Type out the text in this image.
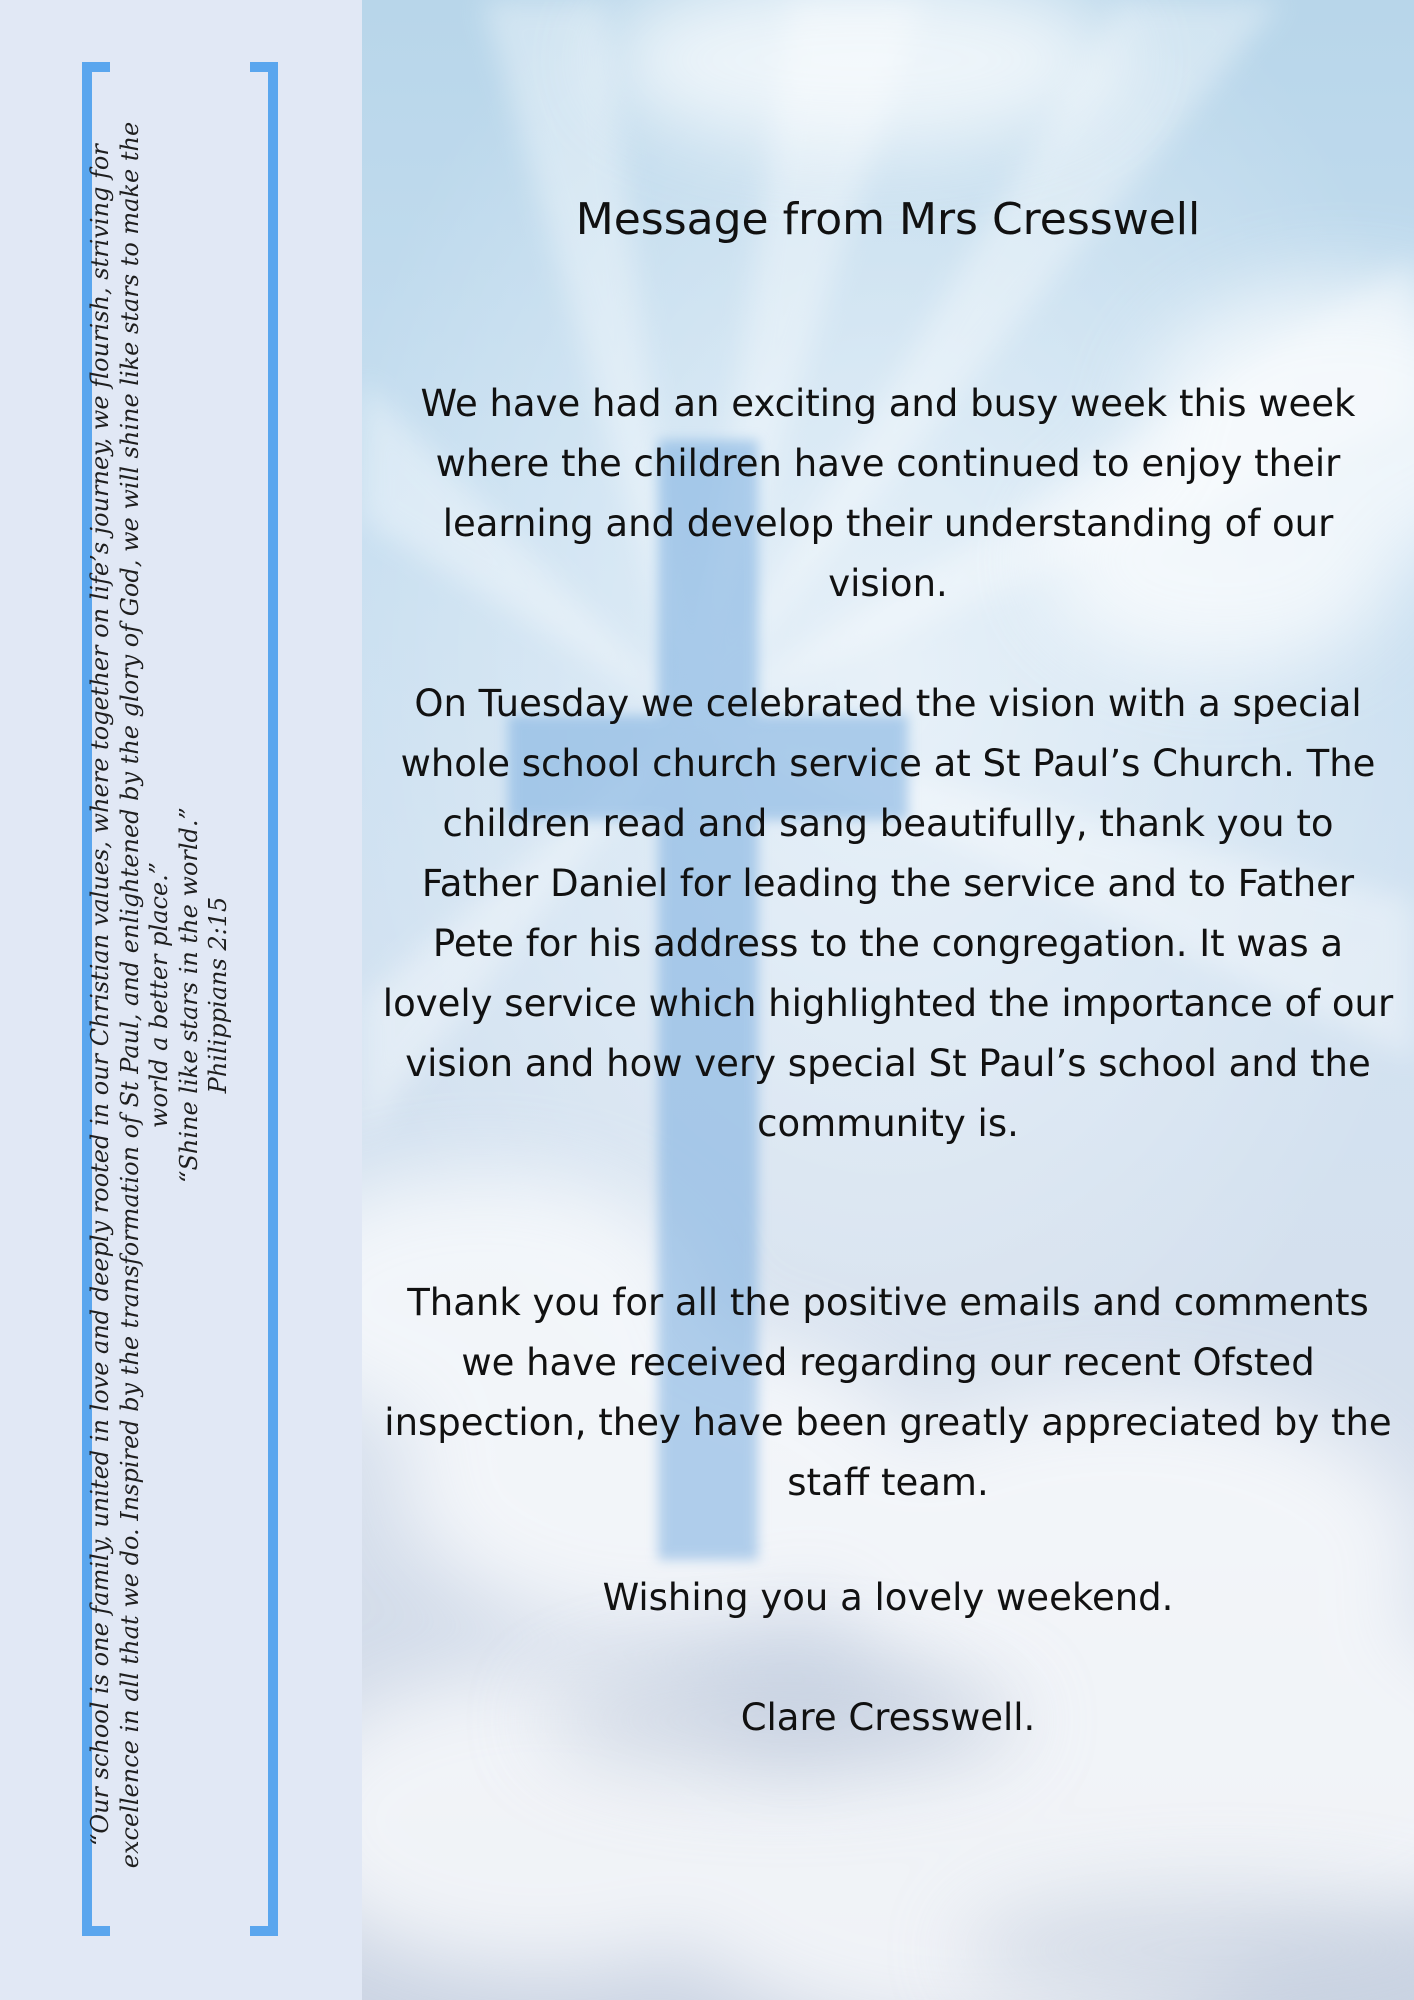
“Our school is one family, united in love and deeply rooted in our Christian values, where together on life’s journey, we flourish, striving for excellence in all that we do. Inspired by the transformation of St Paul, and enlightened by the glory of God, we will shine like stars to make the world a better place.” “Shine like stars in the world.” Philippians 2:15

Message from Mrs Cresswell

We have had an exciting and busy week this week where the children have continued to enjoy their learning and develop their understanding of our vision.

On Tuesday we celebrated the vision with a special whole school church service at St Paul’s Church. The children read and sang beautifully, thank you to Father Daniel for leading the service and to Father Pete for his address to the congregation. It was a lovely service which highlighted the importance of our vision and how very special St Paul’s school and the community is.

Thank you for all the positive emails and comments we have received regarding our recent Ofsted inspection, they have been greatly appreciated by the staff team.

Wishing you a lovely weekend.

Clare Cresswell.
